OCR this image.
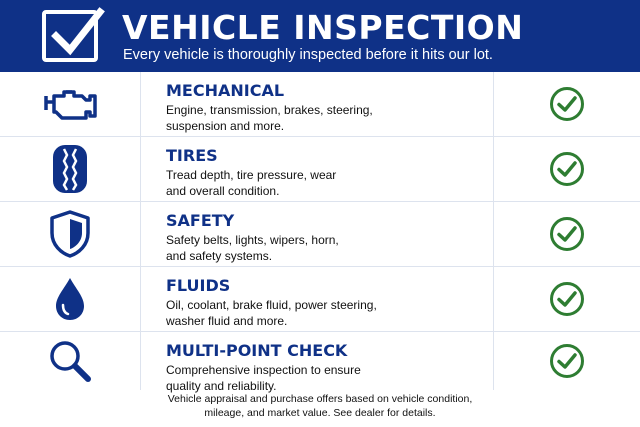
VEHICLE INSPECTION
Every vehicle is thoroughly inspected before it hits our lot.
MECHANICAL
Engine, transmission, brakes, steering,
suspension and more.
TIRES
Tread depth, tire pressure, wear
and overall condition.
SAFETY
Safety belts, lights, wipers, horn,
and safety systems.
FLUIDS
Oil, coolant, brake fluid, power steering,
washer fluid and more.
MULTI-POINT CHECK
Comprehensive inspection to ensure
quality and reliability.
Vehicle appraisal and purchase offers based on vehicle condition,
mileage, and market value. See dealer for details.
